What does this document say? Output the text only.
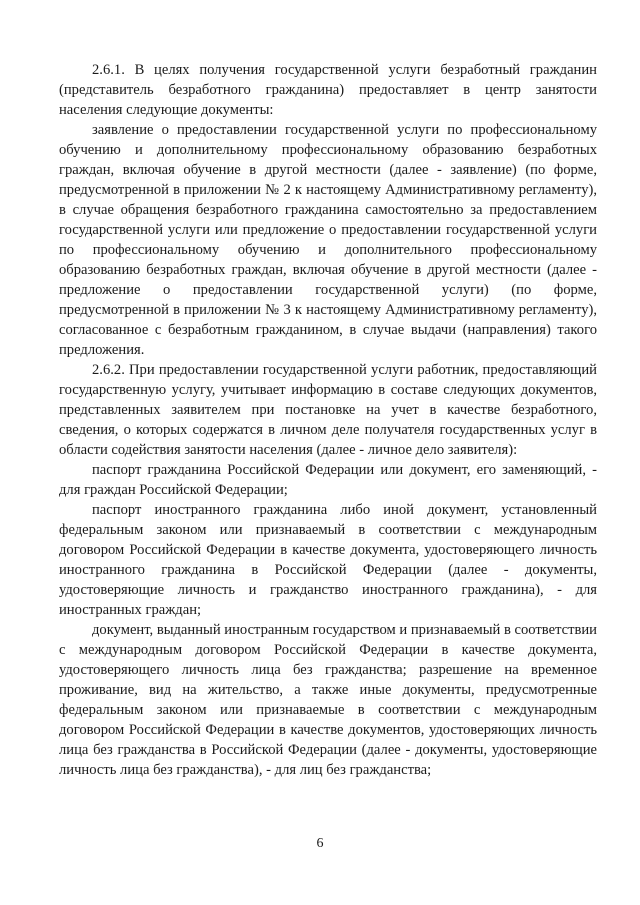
2.6.1. В целях получения государственной услуги безработный гражданин (представитель безработного гражданина) предоставляет в центр занятости населения следующие документы:

заявление о предоставлении государственной услуги по профессиональному обучению и дополнительному профессиональному образованию безработных граждан, включая обучение в другой местности (далее - заявление) (по форме, предусмотренной в приложении № 2 к настоящему Административному регламенту), в случае обращения безработного гражданина самостоятельно за предоставлением государственной услуги или предложение о предоставлении государственной услуги по профессиональному обучению и дополнительного профессиональному образованию безработных граждан, включая обучение в другой местности (далее - предложение о предоставлении государственной услуги) (по форме, предусмотренной в приложении № 3 к настоящему Административному регламенту), согласованное с безработным гражданином, в случае выдачи (направления) такого предложения.

2.6.2. При предоставлении государственной услуги работник, предоставляющий государственную услугу, учитывает информацию в составе следующих документов, представленных заявителем при постановке на учет в качестве безработного, сведения, о которых содержатся в личном деле получателя государственных услуг в области содействия занятости населения (далее - личное дело заявителя):

паспорт гражданина Российской Федерации или документ, его заменяющий, - для граждан Российской Федерации;

паспорт иностранного гражданина либо иной документ, установленный федеральным законом или признаваемый в соответствии с международным договором Российской Федерации в качестве документа, удостоверяющего личность иностранного гражданина в Российской Федерации (далее - документы, удостоверяющие личность и гражданство иностранного гражданина), - для иностранных граждан;

документ, выданный иностранным государством и признаваемый в соответствии с международным договором Российской Федерации в качестве документа, удостоверяющего личность лица без гражданства; разрешение на временное проживание, вид на жительство, а также иные документы, предусмотренные федеральным законом или признаваемые в соответствии с международным договором Российской Федерации в качестве документов, удостоверяющих личность лица без гражданства в Российской Федерации (далее - документы, удостоверяющие личность лица без гражданства), - для лиц без гражданства;

6
